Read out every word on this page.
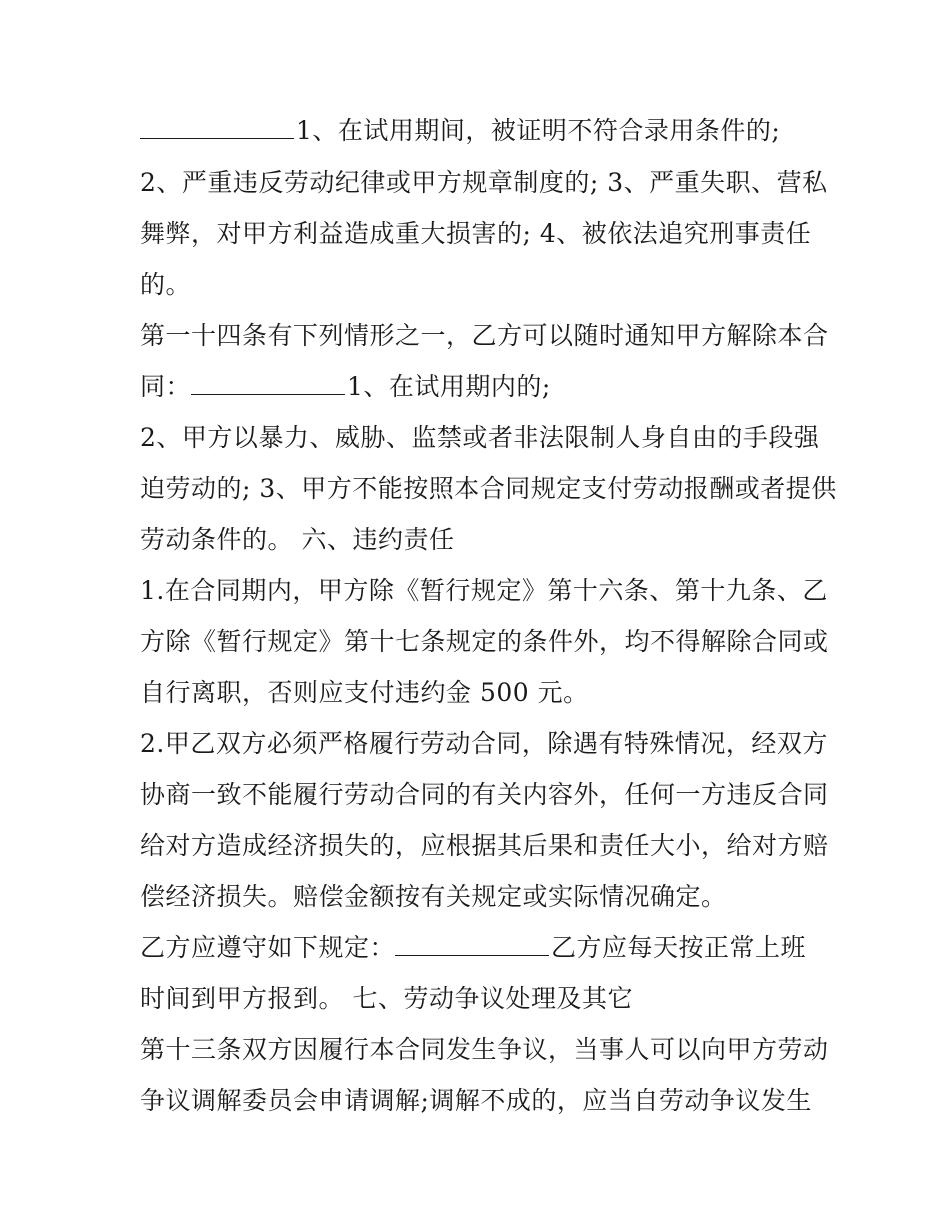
1、在试用期间，被证明不符合录用条件的;
2、严重违反劳动纪律或甲方规章制度的; 3、严重失职、营私
舞弊，对甲方利益造成重大损害的; 4、被依法追究刑事责任
的。
第一十四条有下列情形之一，乙方可以随时通知甲方解除本合
同：	1、在试用期内的;
2、甲方以暴力、威胁、监禁或者非法限制人身自由的手段强
迫劳动的; 3、甲方不能按照本合同规定支付劳动报酬或者提供
劳动条件的。 六、违约责任
1.在合同期内，甲方除《暂行规定》第十六条、第十九条、乙
方除《暂行规定》第十七条规定的条件外，均不得解除合同或
自行离职，否则应支付违约金 500 元。
2.甲乙双方必须严格履行劳动合同，除遇有特殊情况，经双方
协商一致不能履行劳动合同的有关内容外，任何一方违反合同
给对方造成经济损失的，应根据其后果和责任大小，给对方赔
偿经济损失。赔偿金额按有关规定或实际情况确定。
乙方应遵守如下规定：	乙方应每天按正常上班
时间到甲方报到。 七、劳动争议处理及其它
第十三条双方因履行本合同发生争议，当事人可以向甲方劳动
争议调解委员会申请调解;调解不成的，应当自劳动争议发生
